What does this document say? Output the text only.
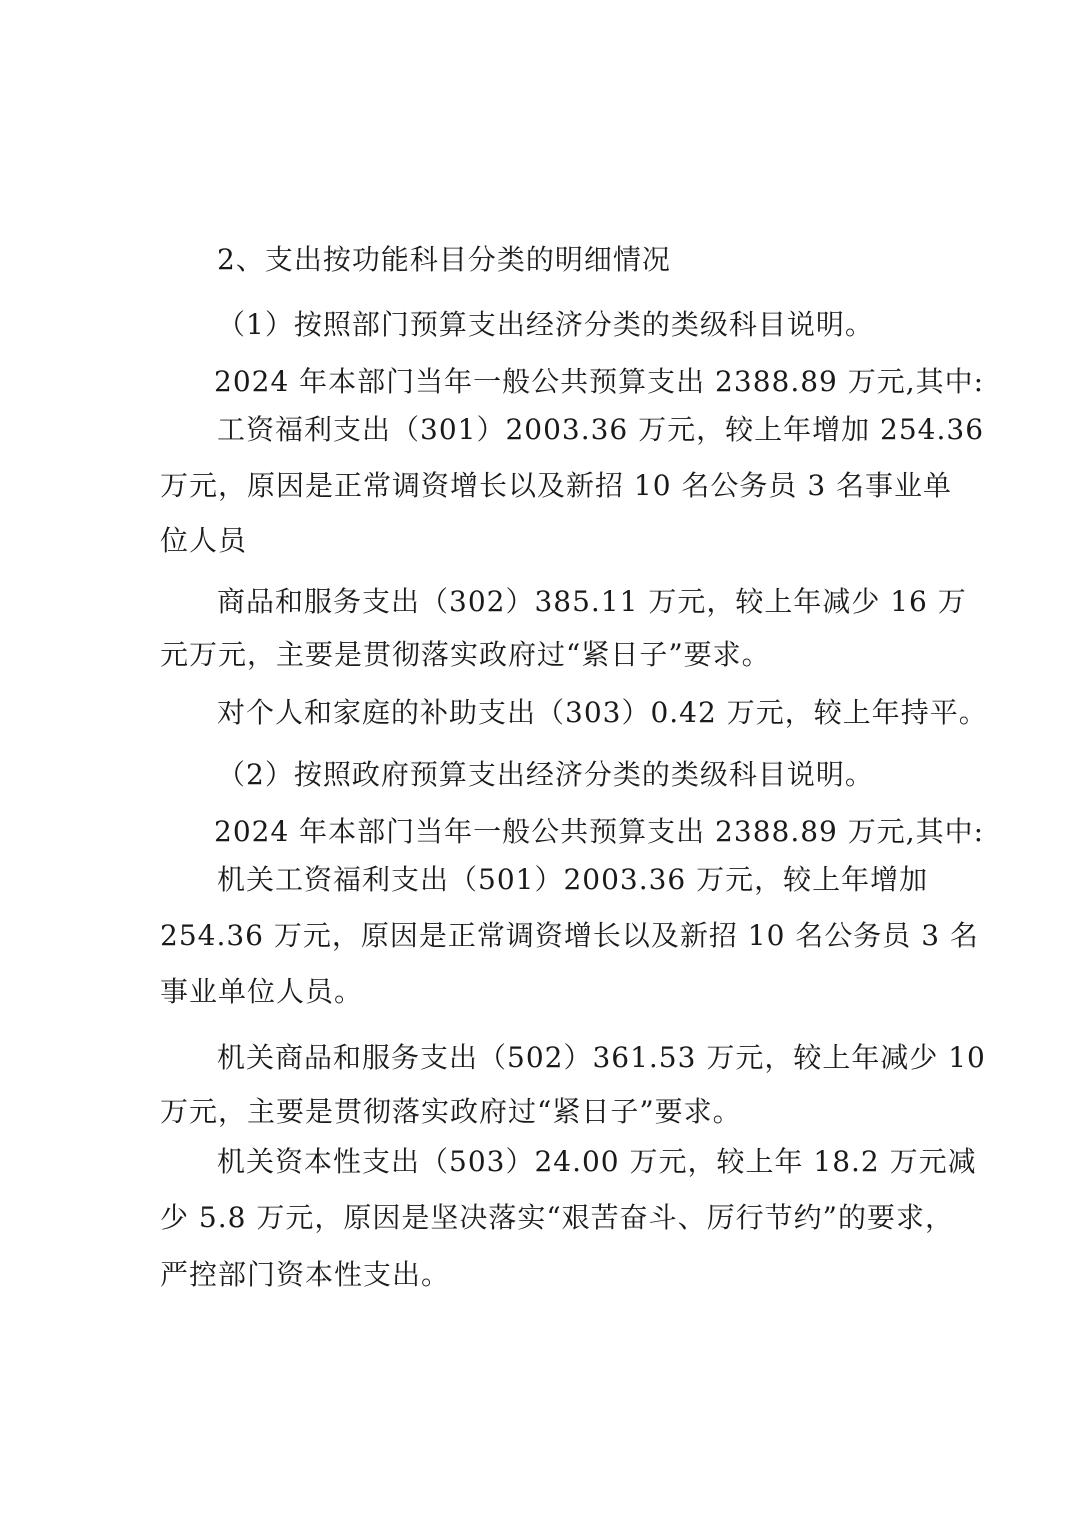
2、支出按功能科目分类的明细情况
（1）按照部门预算支出经济分类的类级科目说明。
2024 年本部门当年一般公共预算支出 2388.89 万元,其中:
工资福利支出（301）2003.36 万元，较上年增加 254.36
万元，原因是正常调资增长以及新招 10 名公务员 3 名事业单
位人员
商品和服务支出（302）385.11 万元，较上年减少 16 万
元万元，主要是贯彻落实政府过“紧日子”要求。
对个人和家庭的补助支出（303）0.42 万元，较上年持平。
（2）按照政府预算支出经济分类的类级科目说明。
2024 年本部门当年一般公共预算支出 2388.89 万元,其中:
机关工资福利支出（501）2003.36 万元，较上年增加
254.36 万元，原因是正常调资增长以及新招 10 名公务员 3 名
事业单位人员。
机关商品和服务支出（502）361.53 万元，较上年减少 10
万元，主要是贯彻落实政府过“紧日子”要求。
机关资本性支出（503）24.00 万元，较上年 18.2 万元减
少 5.8 万元，原因是坚决落实“艰苦奋斗、厉行节约”的要求，
严控部门资本性支出。
